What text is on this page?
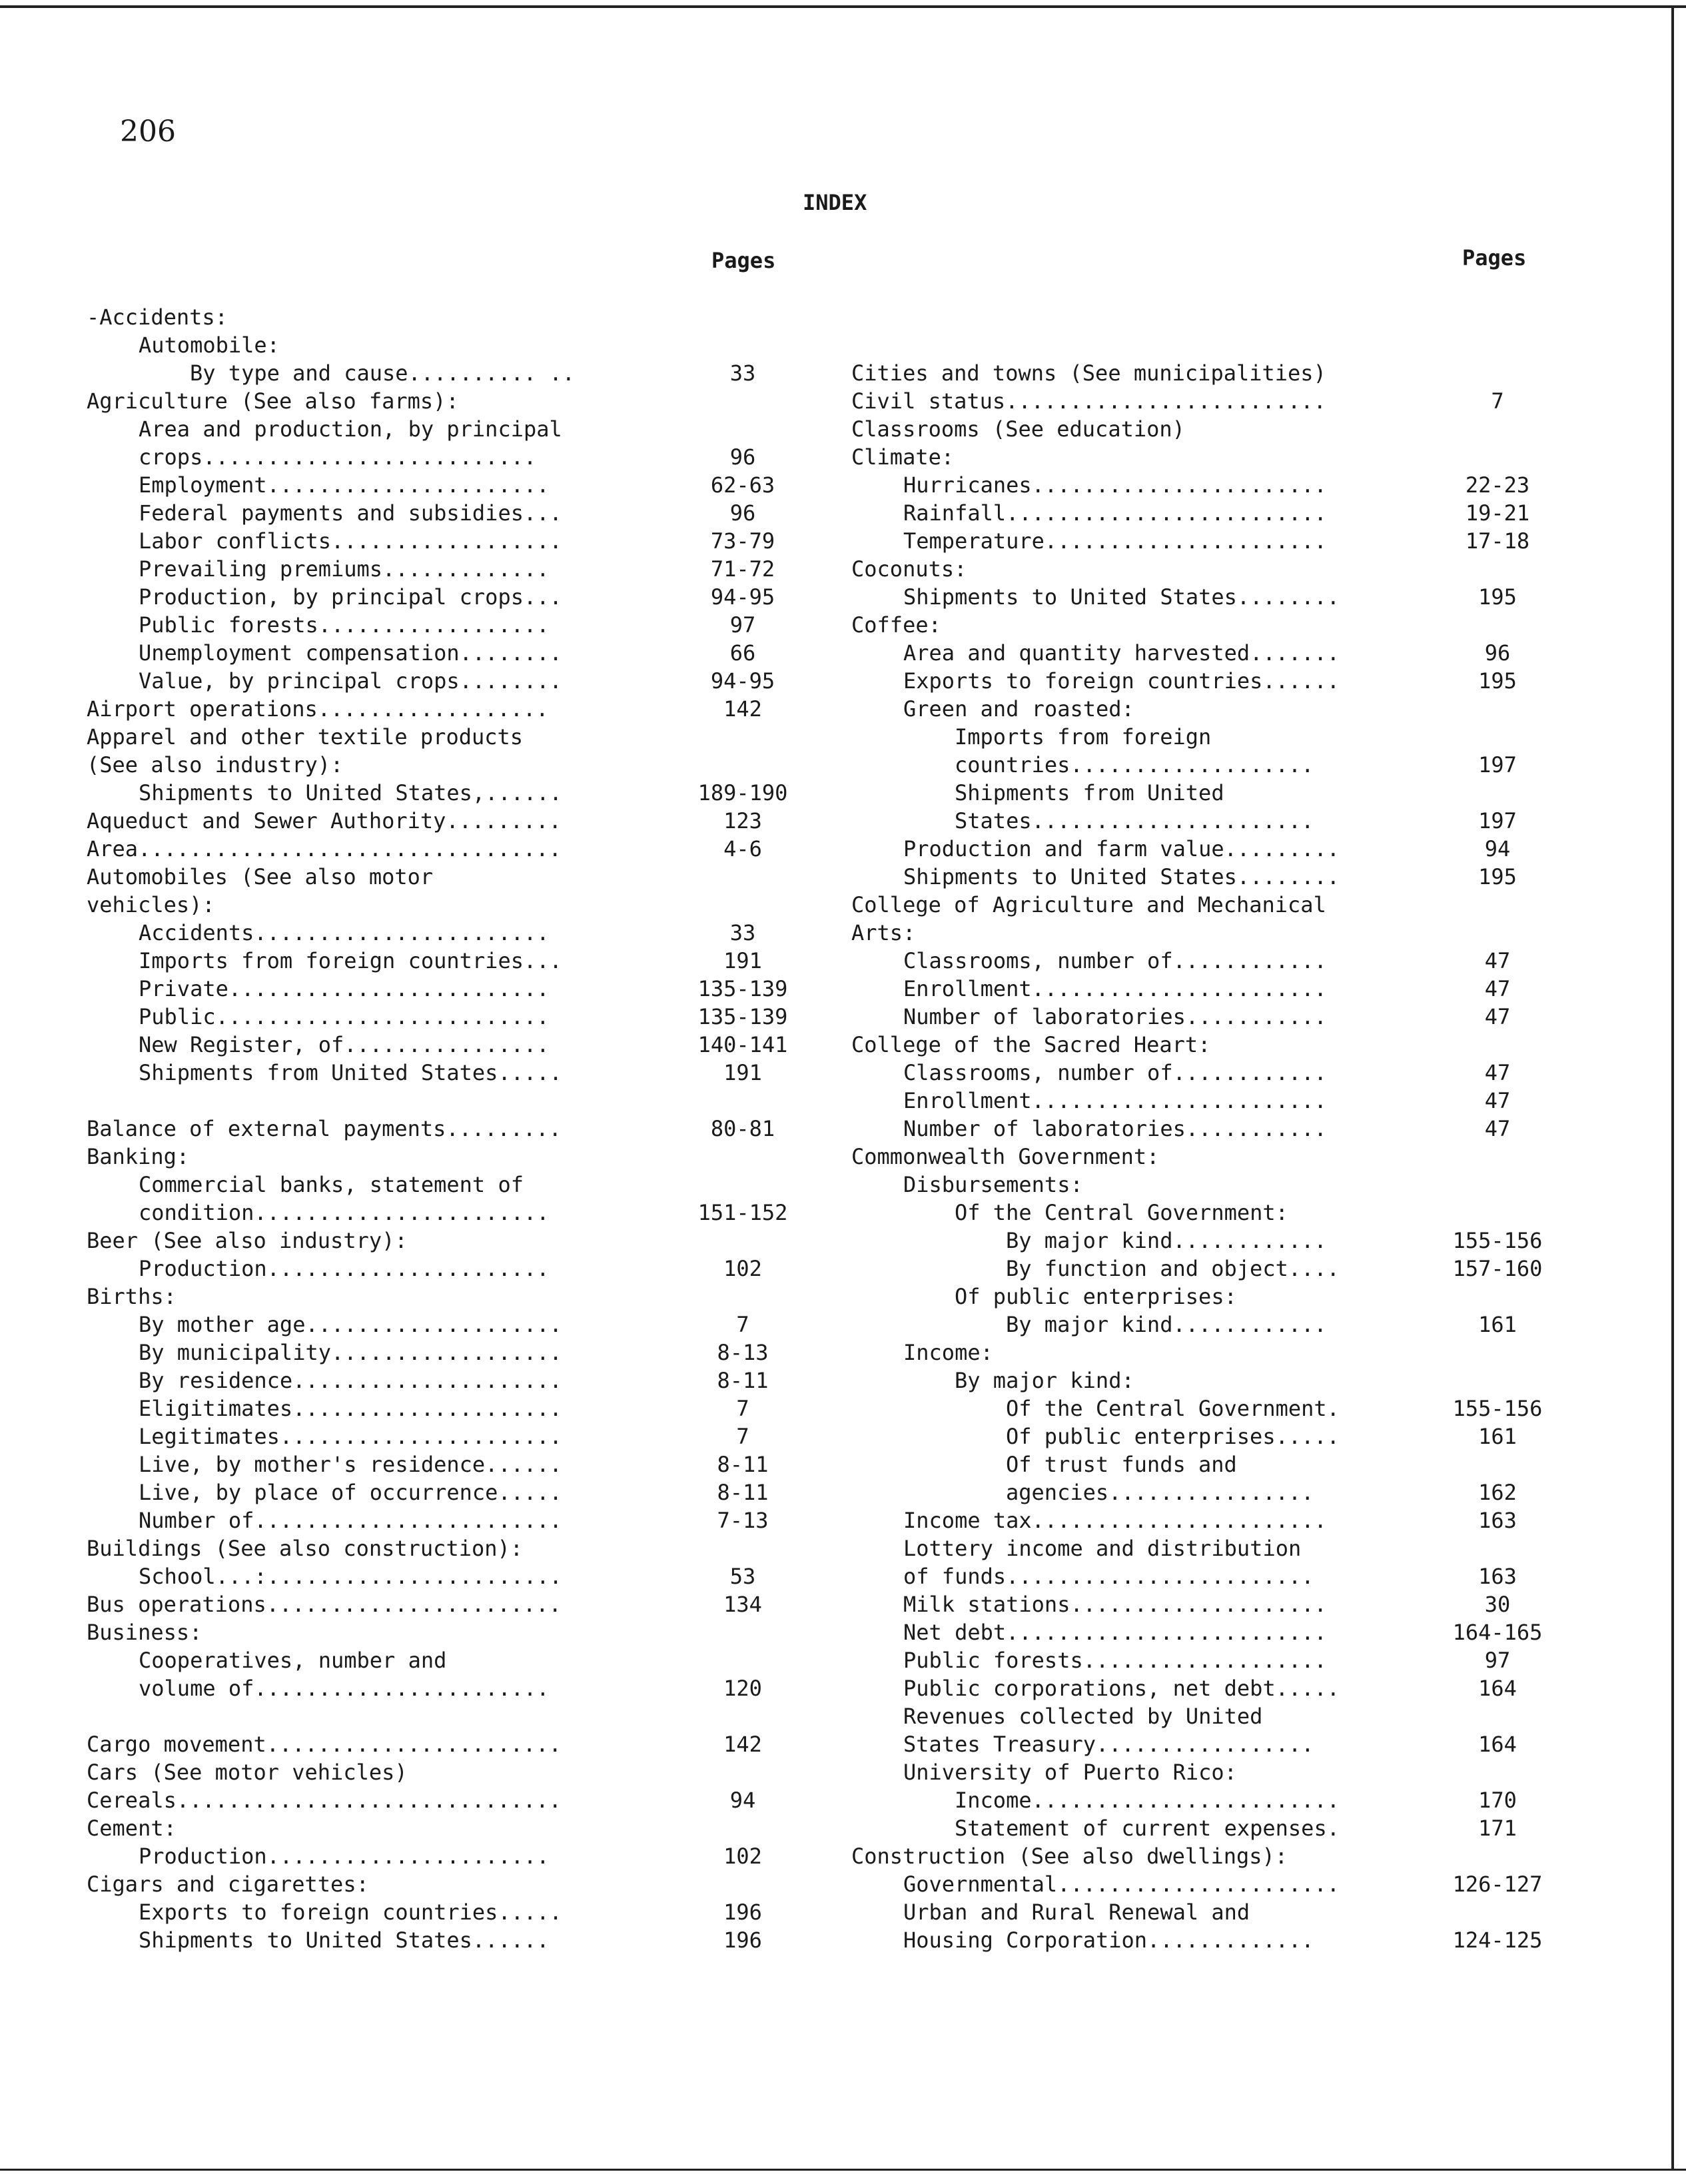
206
INDEX
Pages	Pages
-Accidents:
Automobile:
By type and cause.......... ..	33
Agriculture (See also farms):
Area and production, by principal
crops..........................	96
Employment......................	62-63
Federal payments and subsidies...	96
Labor conflicts..................	73-79
Prevailing premiums.............	71-72
Production, by principal crops...	94-95
Public forests..................	97
Unemployment compensation........	66
Value, by principal crops........	94-95
Airport operations..................	142
Apparel and other textile products
(See also industry):
Shipments to United States,......	189-190
Aqueduct and Sewer Authority.........	123
Area.................................	4-6
Automobiles (See also motor
vehicles):
Accidents.......................	33
Imports from foreign countries...	191
Private.........................	135-139
Public..........................	135-139
New Register, of................	140-141
Shipments from United States.....	191
Balance of external payments.........	80-81
Banking:
Commercial banks, statement of
condition.......................	151-152
Beer (See also industry):
Production......................	102
Births:
By mother age....................	7
By municipality..................	8-13
By residence.....................	8-11
Eligitimates.....................	7
Legitimates......................	7
Live, by mother's residence......	8-11
Live, by place of occurrence.....	8-11
Number of........................	7-13
Buildings (See also construction):
School...:.......................	53
Bus operations.......................	134
Business:
Cooperatives, number and
volume of.......................	120
Cargo movement.......................	142
Cars (See motor vehicles)
Cereals..............................	94
Cement:
Production......................	102
Cigars and cigarettes:
Exports to foreign countries.....	196
Shipments to United States......	196
Cities and towns (See municipalities)
Civil status.........................	7
Classrooms (See education)
Climate:
Hurricanes.......................	22-23
Rainfall.........................	19-21
Temperature......................	17-18
Coconuts:
Shipments to United States........	195
Coffee:
Area and quantity harvested.......	96
Exports to foreign countries......	195
Green and roasted:
Imports from foreign
countries...................	197
Shipments from United
States......................	197
Production and farm value.........	94
Shipments to United States........	195
College of Agriculture and Mechanical
Arts:
Classrooms, number of............	47
Enrollment.......................	47
Number of laboratories...........	47
College of the Sacred Heart:
Classrooms, number of............	47
Enrollment.......................	47
Number of laboratories...........	47
Commonwealth Government:
Disbursements:
Of the Central Government:
By major kind............	155-156
By function and object....	157-160
Of public enterprises:
By major kind............	161
Income:
By major kind:
Of the Central Government.	155-156
Of public enterprises.....	161
Of trust funds and
agencies................	162
Income tax.......................	163
Lottery income and distribution
of funds........................	163
Milk stations....................	30
Net debt.........................	164-165
Public forests...................	97
Public corporations, net debt.....	164
Revenues collected by United
States Treasury.................	164
University of Puerto Rico:
Income........................	170
Statement of current expenses.	171
Construction (See also dwellings):
Governmental......................	126-127
Urban and Rural Renewal and
Housing Corporation.............	124-125
